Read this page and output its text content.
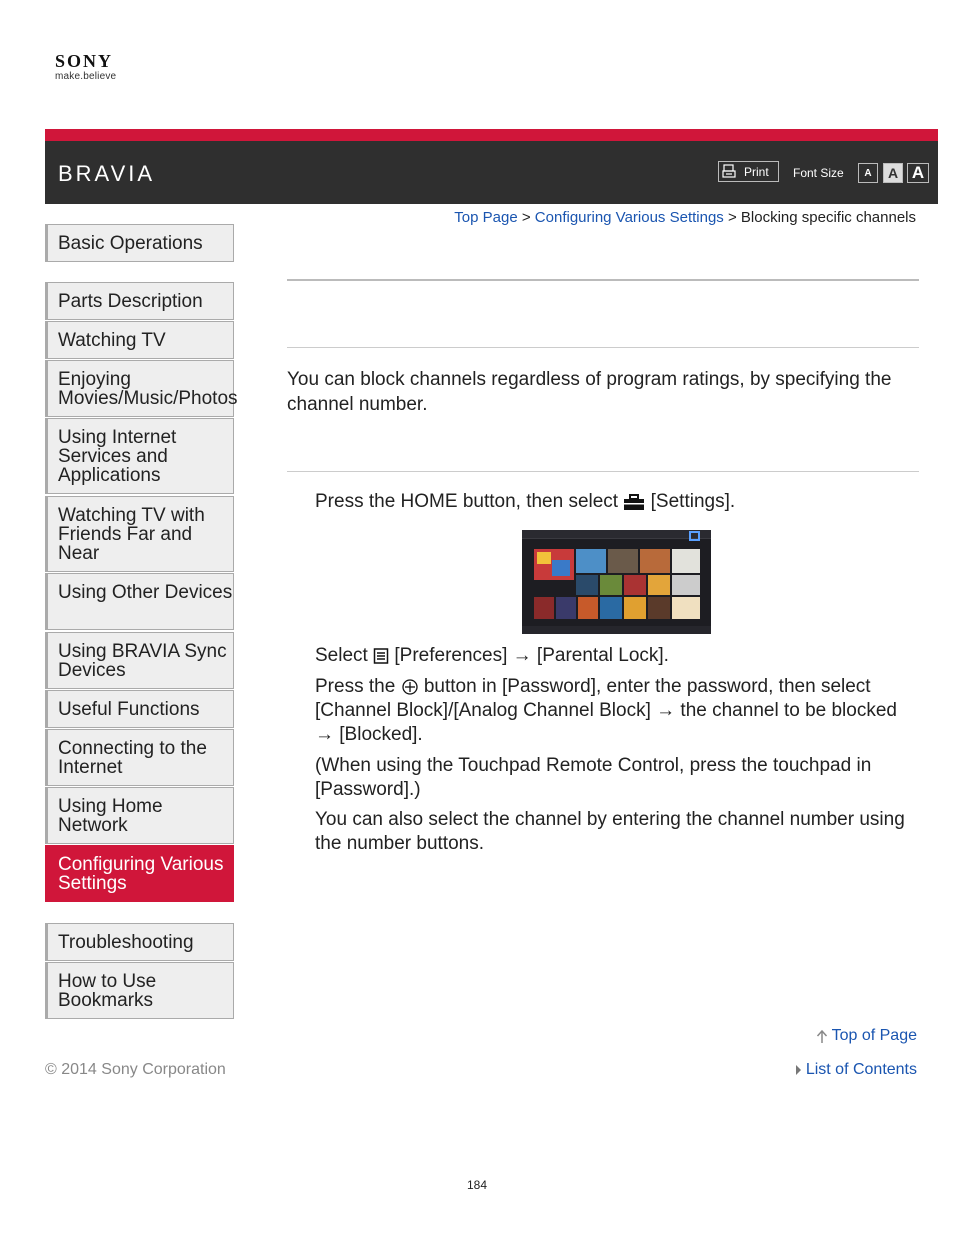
SONY
make.believe
BRAVIA	Print Font Size	A	A A
Top Page > Configuring Various Settings > Blocking specific channels
Basic Operations
Parts Description
Watching TV
Enjoying Movies/Music/Photos
Using Internet Services and Applications
Watching TV with Friends Far and Near
Using Other Devices
Using BRAVIA Sync Devices
Useful Functions
Connecting to the Internet
Using Home Network
Configuring Various Settings
Troubleshooting
How to Use Bookmarks
You can block channels regardless of program ratings, by specifying the channel number.
Press the HOME button, then select [Settings].
Select [Preferences] → [Parental Lock].
Press the button in [Password], enter the password, then select [Channel Block]/[Analog Channel Block] → the channel to be blocked → [Blocked].
(When using the Touchpad Remote Control, press the touchpad in [Password].)
You can also select the channel by entering the channel number using the number buttons.
Top of Page
© 2014 Sony Corporation	List of Contents
184
